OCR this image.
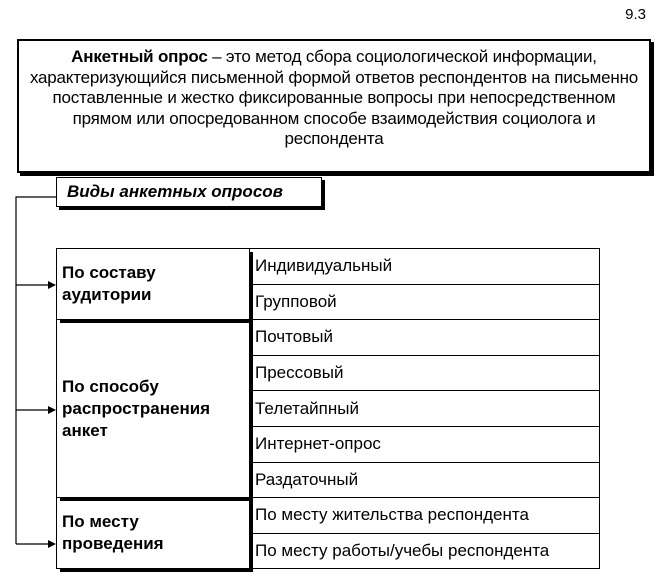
9.3
Анкетный опрос – это метод сбора социологической информации, характеризующийся письменной формой ответов респондентов на письменно поставленные и жестко фиксированные вопросы при непосредственном прямом или опосредованном способе взаимодействия социолога и респондента
Виды анкетных опросов
По составу аудитории	Индивидуальный
	Групповой
По способу распространения анкет	Почтовый
	Прессовый
	Телетайпный
	Интернет-опрос
	Раздаточный
По месту проведения	По месту жительства респондента
	По месту работы/учебы респондента
